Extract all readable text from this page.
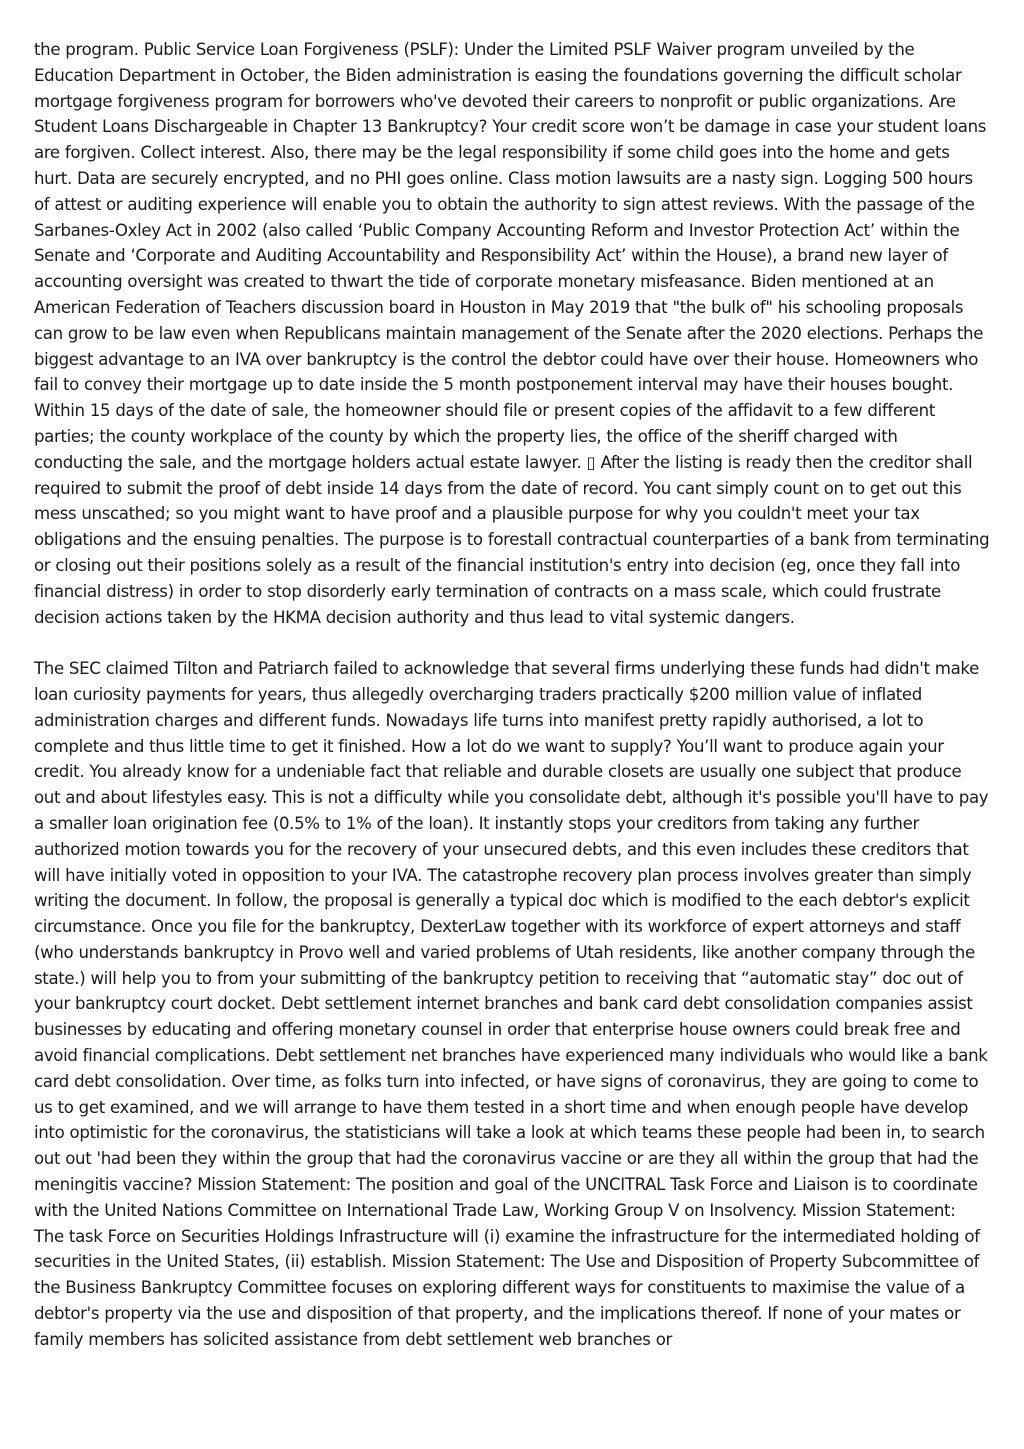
the program. Public Service Loan Forgiveness (PSLF): Under the Limited PSLF Waiver program unveiled by the Education Department in October, the Biden administration is easing the foundations governing the difficult scholar mortgage forgiveness program for borrowers who've devoted their careers to nonprofit or public organizations. Are Student Loans Dischargeable in Chapter 13 Bankruptcy? Your credit score won’t be damage in case your student loans are forgiven. Collect interest. Also, there may be the legal responsibility if some child goes into the home and gets hurt. Data are securely encrypted, and no PHI goes online. Class motion lawsuits are a nasty sign. Logging 500 hours of attest or auditing experience will enable you to obtain the authority to sign attest reviews. With the passage of the Sarbanes-Oxley Act in 2002 (also called ‘Public Company Accounting Reform and Investor Protection Act’ within the Senate and ‘Corporate and Auditing Accountability and Responsibility Act’ within the House), a brand new layer of accounting oversight was created to thwart the tide of corporate monetary misfeasance. Biden mentioned at an American Federation of Teachers discussion board in Houston in May 2019 that "the bulk of" his schooling proposals can grow to be law even when Republicans maintain management of the Senate after the 2020 elections. Perhaps the biggest advantage to an IVA over bankruptcy is the control the debtor could have over their house. Homeowners who fail to convey their mortgage up to date inside the 5 month postponement interval may have their houses bought. Within 15 days of the date of sale, the homeowner should file or present copies of the affidavit to a few different parties; the county workplace of the county by which the property lies, the office of the sheriff charged with conducting the sale, and the mortgage holders actual estate lawyer. ▯ After the listing is ready then the creditor shall required to submit the proof of debt inside 14 days from the date of record. You cant simply count on to get out this mess unscathed; so you might want to have proof and a plausible purpose for why you couldn't meet your tax obligations and the ensuing penalties. The purpose is to forestall contractual counterparties of a bank from terminating or closing out their positions solely as a result of the financial institution's entry into decision (eg, once they fall into financial distress) in order to stop disorderly early termination of contracts on a mass scale, which could frustrate decision actions taken by the HKMA decision authority and thus lead to vital systemic dangers.

The SEC claimed Tilton and Patriarch failed to acknowledge that several firms underlying these funds had didn't make loan curiosity payments for years, thus allegedly overcharging traders practically $200 million value of inflated administration charges and different funds. Nowadays life turns into manifest pretty rapidly authorised, a lot to complete and thus little time to get it finished. How a lot do we want to supply? You’ll want to produce again your credit. You already know for a undeniable fact that reliable and durable closets are usually one subject that produce out and about lifestyles easy. This is not a difficulty while you consolidate debt, although it's possible you'll have to pay a smaller loan origination fee (0.5% to 1% of the loan). It instantly stops your creditors from taking any further authorized motion towards you for the recovery of your unsecured debts, and this even includes these creditors that will have initially voted in opposition to your IVA. The catastrophe recovery plan process involves greater than simply writing the document. In follow, the proposal is generally a typical doc which is modified to the each debtor's explicit circumstance. Once you file for the bankruptcy, DexterLaw together with its workforce of expert attorneys and staff (who understands bankruptcy in Provo well and varied problems of Utah residents, like another company through the state.) will help you to from your submitting of the bankruptcy petition to receiving that “automatic stay” doc out of your bankruptcy court docket. Debt settlement internet branches and bank card debt consolidation companies assist businesses by educating and offering monetary counsel in order that enterprise house owners could break free and avoid financial complications. Debt settlement net branches have experienced many individuals who would like a bank card debt consolidation. Over time, as folks turn into infected, or have signs of coronavirus, they are going to come to us to get examined, and we will arrange to have them tested in a short time and when enough people have develop into optimistic for the coronavirus, the statisticians will take a look at which teams these people had been in, to search out out 'had been they within the group that had the coronavirus vaccine or are they all within the group that had the meningitis vaccine? Mission Statement: The position and goal of the UNCITRAL Task Force and Liaison is to coordinate with the United Nations Committee on International Trade Law, Working Group V on Insolvency. Mission Statement: The task Force on Securities Holdings Infrastructure will (i) examine the infrastructure for the intermediated holding of securities in the United States, (ii) establish. Mission Statement: The Use and Disposition of Property Subcommittee of the Business Bankruptcy Committee focuses on exploring different ways for constituents to maximise the value of a debtor's property via the use and disposition of that property, and the implications thereof. If none of your mates or family members has solicited assistance from debt settlement web branches or
